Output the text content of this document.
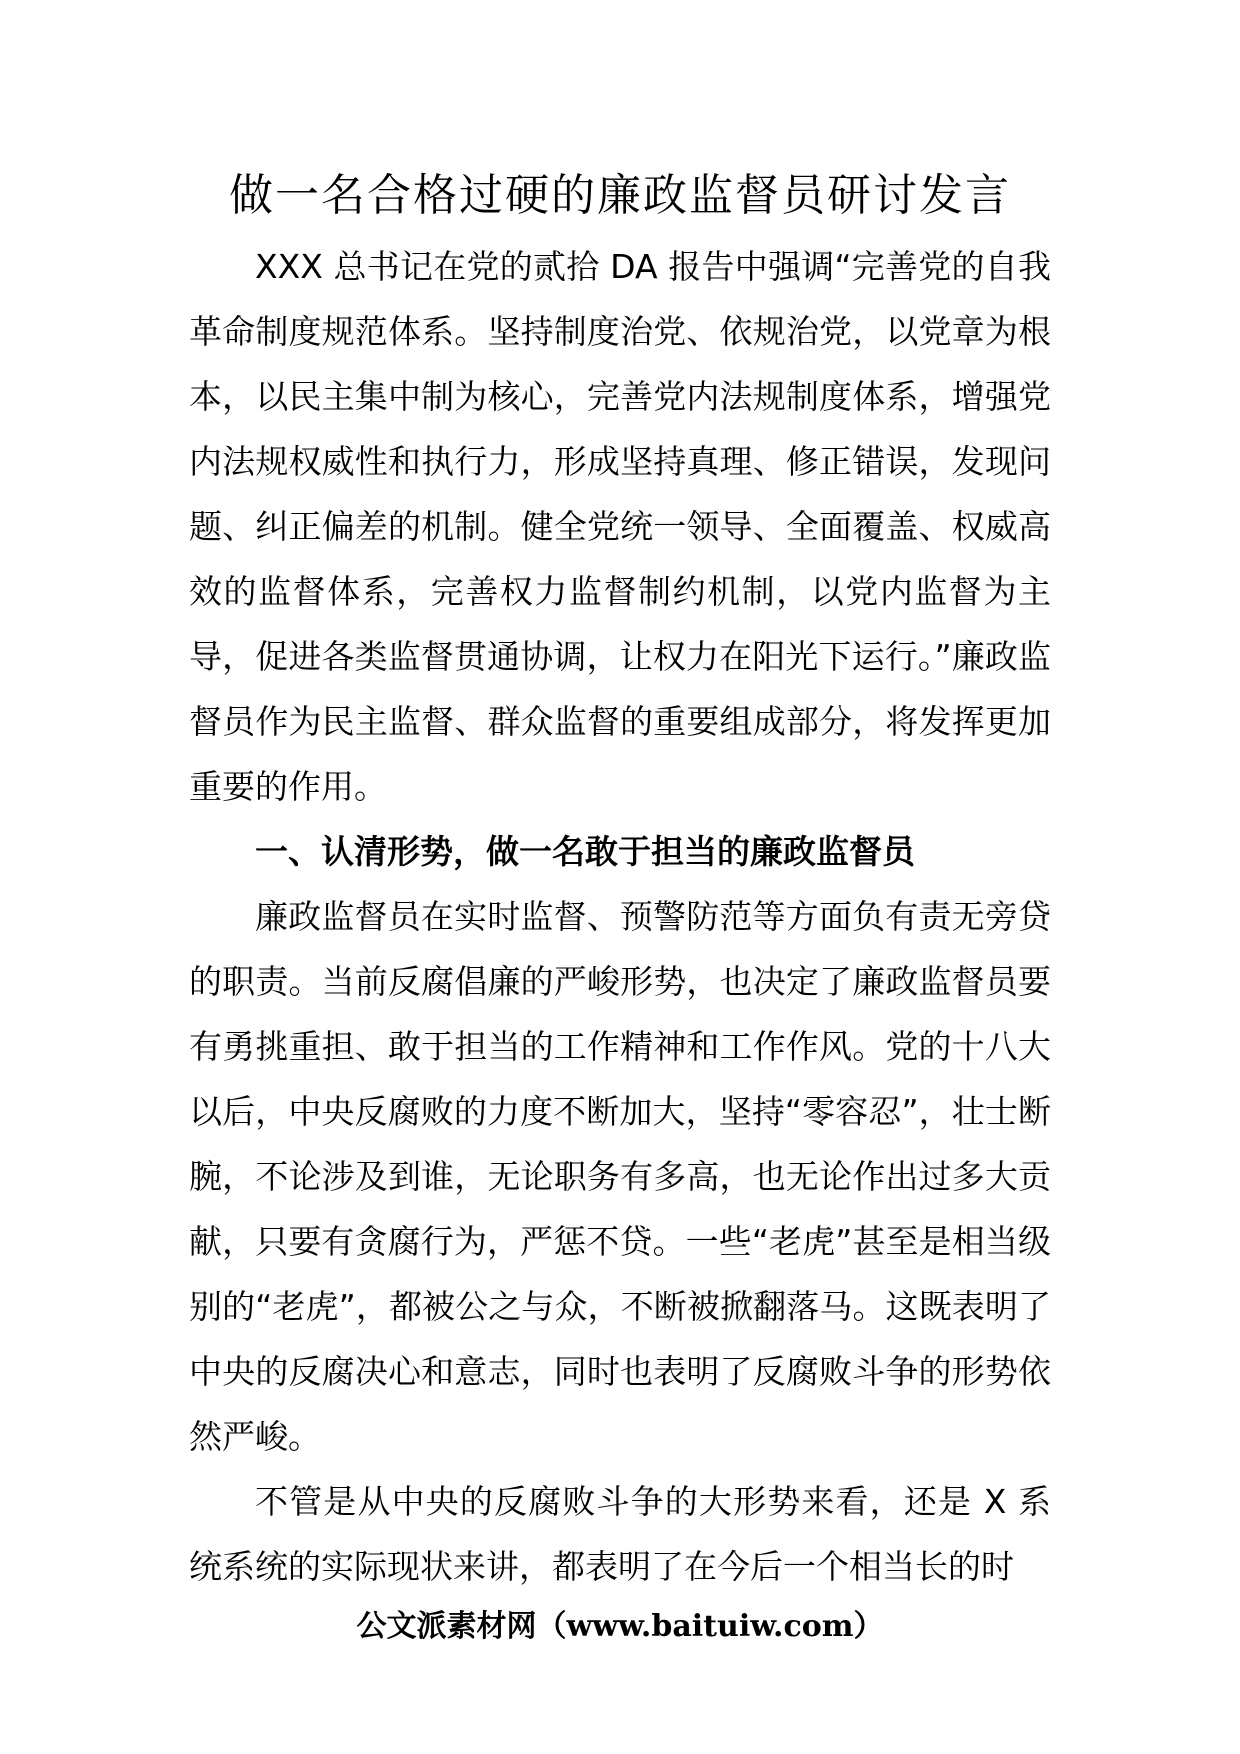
做一名合格过硬的廉政监督员研讨发言

XXX 总书记在党的贰拾 DA 报告中强调“完善党的自我革命制度规范体系。坚持制度治党、依规治党，以党章为根本，以民主集中制为核心，完善党内法规制度体系，增强党内法规权威性和执行力，形成坚持真理、修正错误，发现问题、纠正偏差的机制。健全党统一领导、全面覆盖、权威高效的监督体系，完善权力监督制约机制，以党内监督为主导，促进各类监督贯通协调，让权力在阳光下运行。”廉政监督员作为民主监督、群众监督的重要组成部分，将发挥更加重要的作用。

一、认清形势，做一名敢于担当的廉政监督员

廉政监督员在实时监督、预警防范等方面负有责无旁贷的职责。当前反腐倡廉的严峻形势，也决定了廉政监督员要有勇挑重担、敢于担当的工作精神和工作作风。党的十八大以后，中央反腐败的力度不断加大，坚持“零容忍”，壮士断腕，不论涉及到谁，无论职务有多高，也无论作出过多大贡献，只要有贪腐行为，严惩不贷。一些“老虎”甚至是相当级别的“老虎”，都被公之与众，不断被掀翻落马。这既表明了中央的反腐决心和意志，同时也表明了反腐败斗争的形势依然严峻。

不管是从中央的反腐败斗争的大形势来看，还是 X 系统系统的实际现状来讲，都表明了在今后一个相当长的时

公文派素材网（www.baituiw.com）
